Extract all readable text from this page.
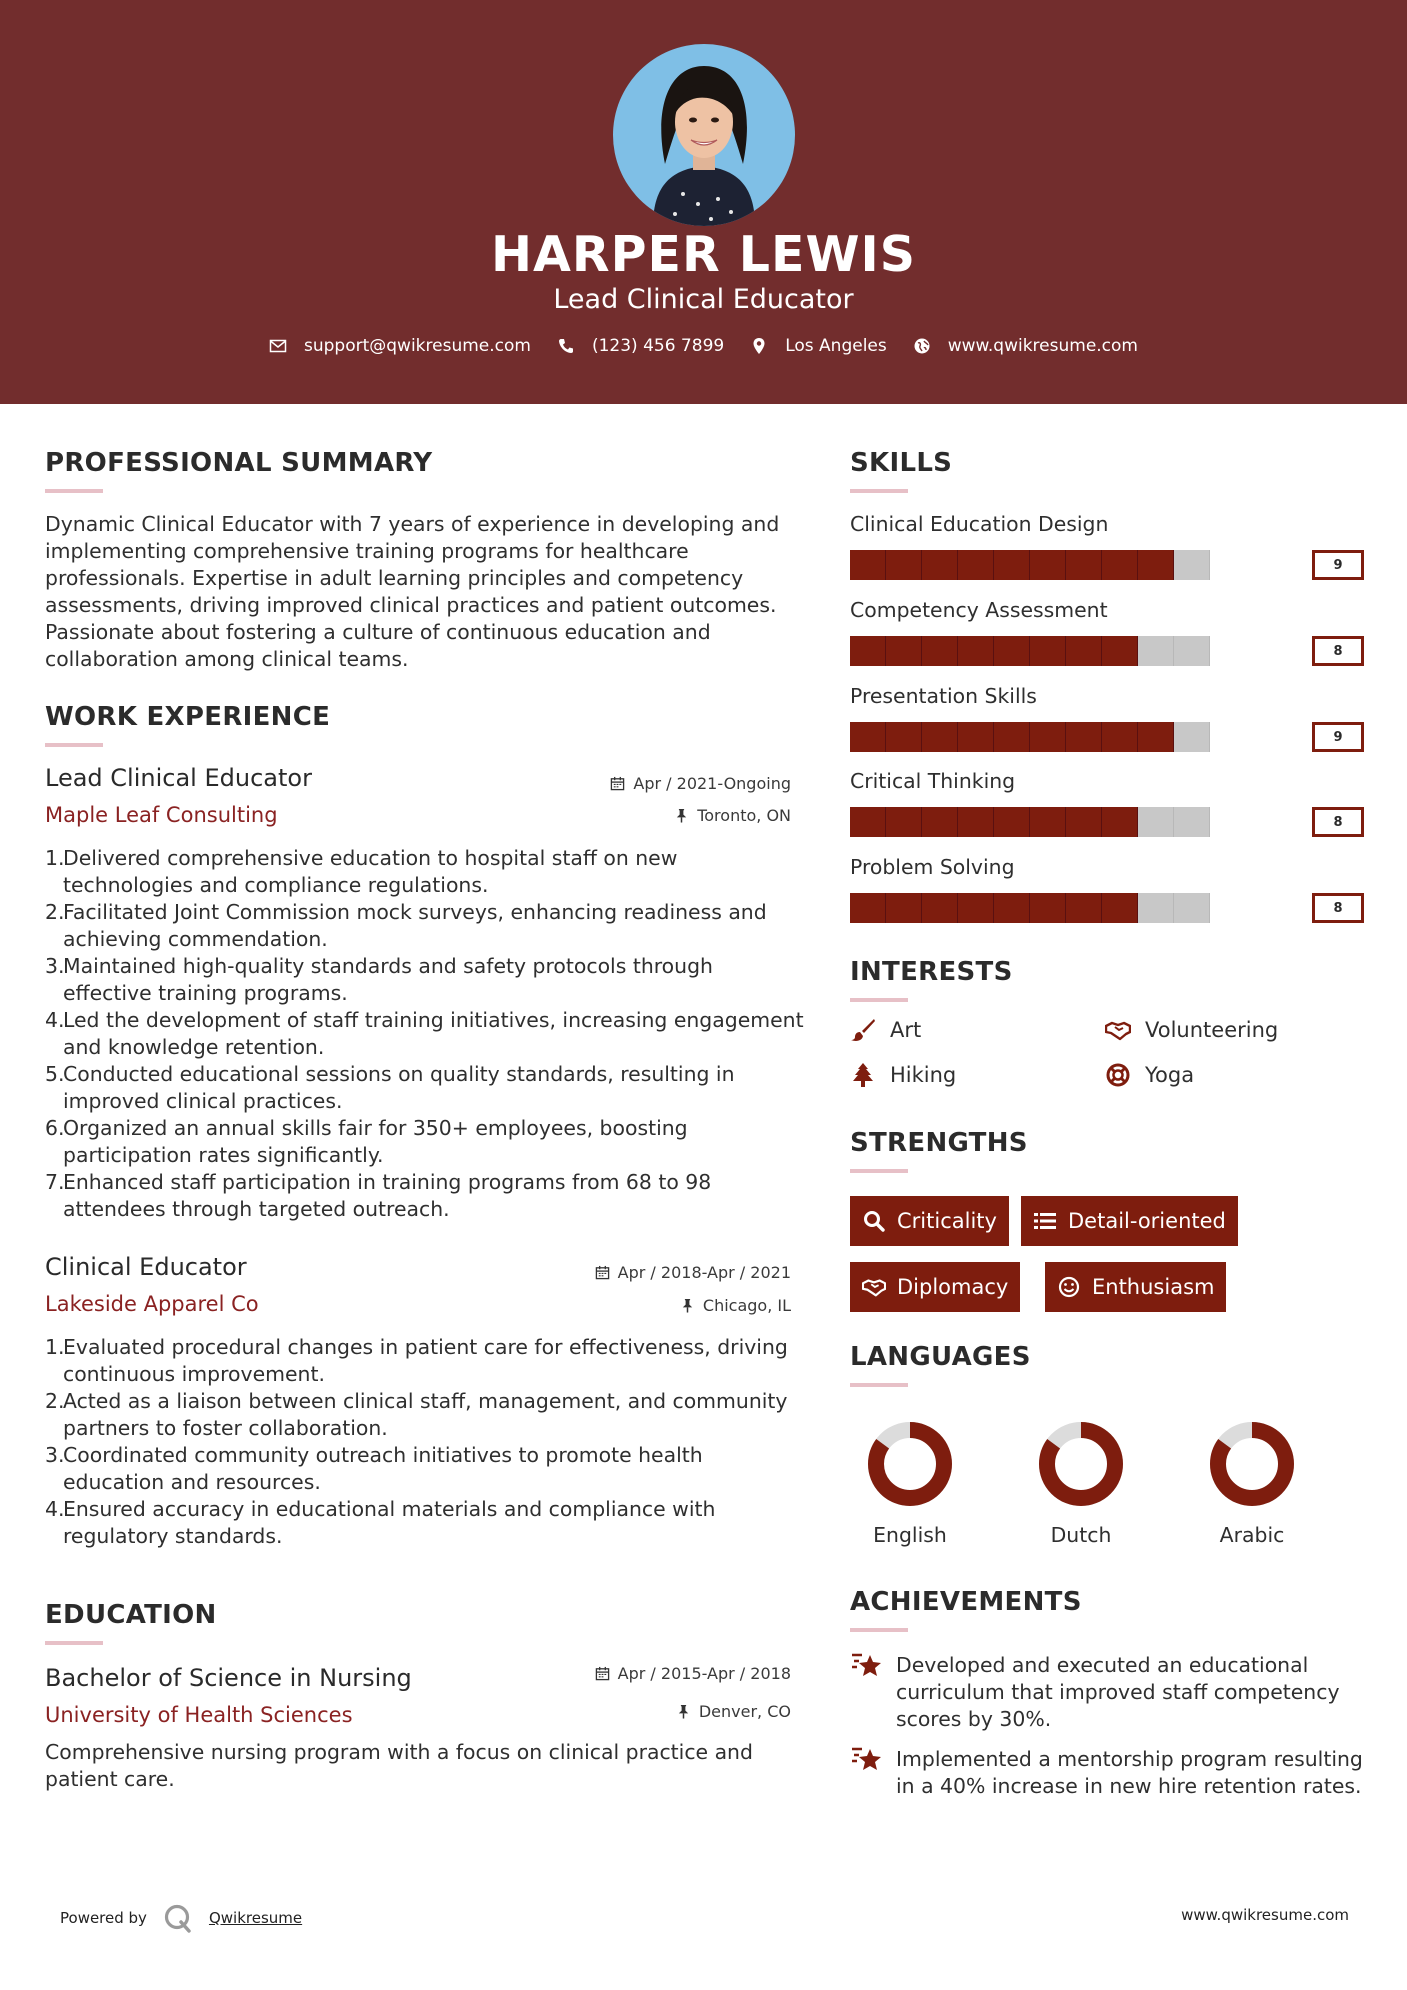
HARPER LEWIS
Lead Clinical Educator
support@qwikresume.com	(123) 456 7899	Los Angeles	www.qwikresume.com
PROFESSIONAL SUMMARY
Dynamic Clinical Educator with 7 years of experience in developing and implementing comprehensive training programs for healthcare professionals. Expertise in adult learning principles and competency assessments, driving improved clinical practices and patient outcomes. Passionate about fostering a culture of continuous education and collaboration among clinical teams.
WORK EXPERIENCE
Lead Clinical Educator	Apr / 2021-Ongoing
Maple Leaf Consulting	Toronto, ON
1.
Delivered comprehensive education to hospital staff on new technologies and compliance regulations.
2.
Facilitated Joint Commission mock surveys, enhancing readiness and achieving commendation.
3.
Maintained high-quality standards and safety protocols through effective training programs.
4.
Led the development of staff training initiatives, increasing engagement and knowledge retention.
5.
Conducted educational sessions on quality standards, resulting in improved clinical practices.
6.
Organized an annual skills fair for 350+ employees, boosting participation rates significantly.
7.
Enhanced staff participation in training programs from 68 to 98 attendees through targeted outreach.
Clinical Educator	Apr / 2018-Apr / 2021
Lakeside Apparel Co	Chicago, IL
1.
Evaluated procedural changes in patient care for effectiveness, driving continuous improvement.
2.
Acted as a liaison between clinical staff, management, and community partners to foster collaboration.
3.
Coordinated community outreach initiatives to promote health education and resources.
4.
Ensured accuracy in educational materials and compliance with regulatory standards.
EDUCATION
Bachelor of Science in Nursing	Apr / 2015-Apr / 2018
University of Health Sciences	Denver, CO
Comprehensive nursing program with a focus on clinical practice and patient care.
SKILLS
Clinical Education Design
9
Competency Assessment
8
Presentation Skills
9
Critical Thinking
8
Problem Solving
8
INTERESTS
Art	Volunteering
Hiking	Yoga
STRENGTHS
Criticality	Detail-oriented
Diplomacy	Enthusiasm
LANGUAGES
English	Dutch	Arabic
ACHIEVEMENTS
Developed and executed an educational curriculum that improved staff competency scores by 30%.
Implemented a mentorship program resulting in a 40% increase in new hire retention rates.
Powered by	Qwikresume	www.qwikresume.com
